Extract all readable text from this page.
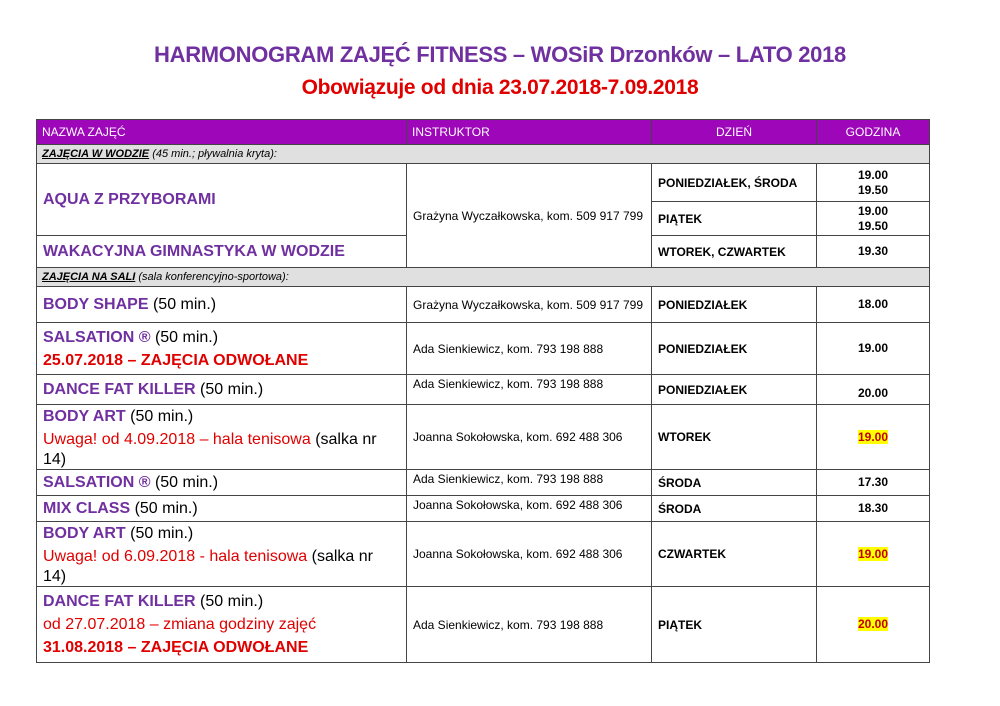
HARMONOGRAM ZAJĘĆ FITNESS – WOSiR Drzonków – LATO 2018
Obowiązuje od dnia 23.07.2018-7.09.2018
NAZWA ZAJĘĆ	INSTRUKTOR	DZIEŃ	GODZINA
ZAJĘCIA W WODZIE (45 min.; pływalnia kryta):			
AQUA Z PRZYBORAMI	Grażyna Wyczałkowska, kom. 509 917 799	PONIEDZIAŁEK, ŚRODA	19.00
19.50

		PIĄTEK	19.00
19.50

WAKACYJNA GIMNASTYKA W WODZIE		WTOREK, CZWARTEK	19.30
ZAJĘCIA NA SALI (sala konferencyjno-sportowa):			
BODY SHAPE (50 min.)	Grażyna Wyczałkowska, kom. 509 917 799	PONIEDZIAŁEK	18.00

SALSATION ® (50 min.)
25.07.2018 – ZAJĘCIA ODWOŁANE	Ada Sienkiewicz, kom. 793 198 888	PONIEDZIAŁEK	19.00
DANCE FAT KILLER (50 min.)	Ada Sienkiewicz, kom. 793 198 888	PONIEDZIAŁEK	20.00

BODY ART (50 min.)
Uwaga! od 4.09.2018 – hala tenisowa (salka nr 14)	Joanna Sokołowska, kom. 692 488 306	WTOREK	19.00
SALSATION ® (50 min.)	Ada Sienkiewicz, kom. 793 198 888	ŚRODA	17.30
MIX CLASS (50 min.)	Joanna Sokołowska, kom. 692 488 306	ŚRODA	18.30

BODY ART (50 min.)
Uwaga! od 6.09.2018 - hala tenisowa (salka nr 14)	Joanna Sokołowska, kom. 692 488 306	CZWARTEK	19.00

DANCE FAT KILLER (50 min.)
od 27.07.2018 – zmiana godziny zajęć
31.08.2018 – ZAJĘCIA ODWOŁANE	Ada Sienkiewicz, kom. 793 198 888	PIĄTEK	20.00
